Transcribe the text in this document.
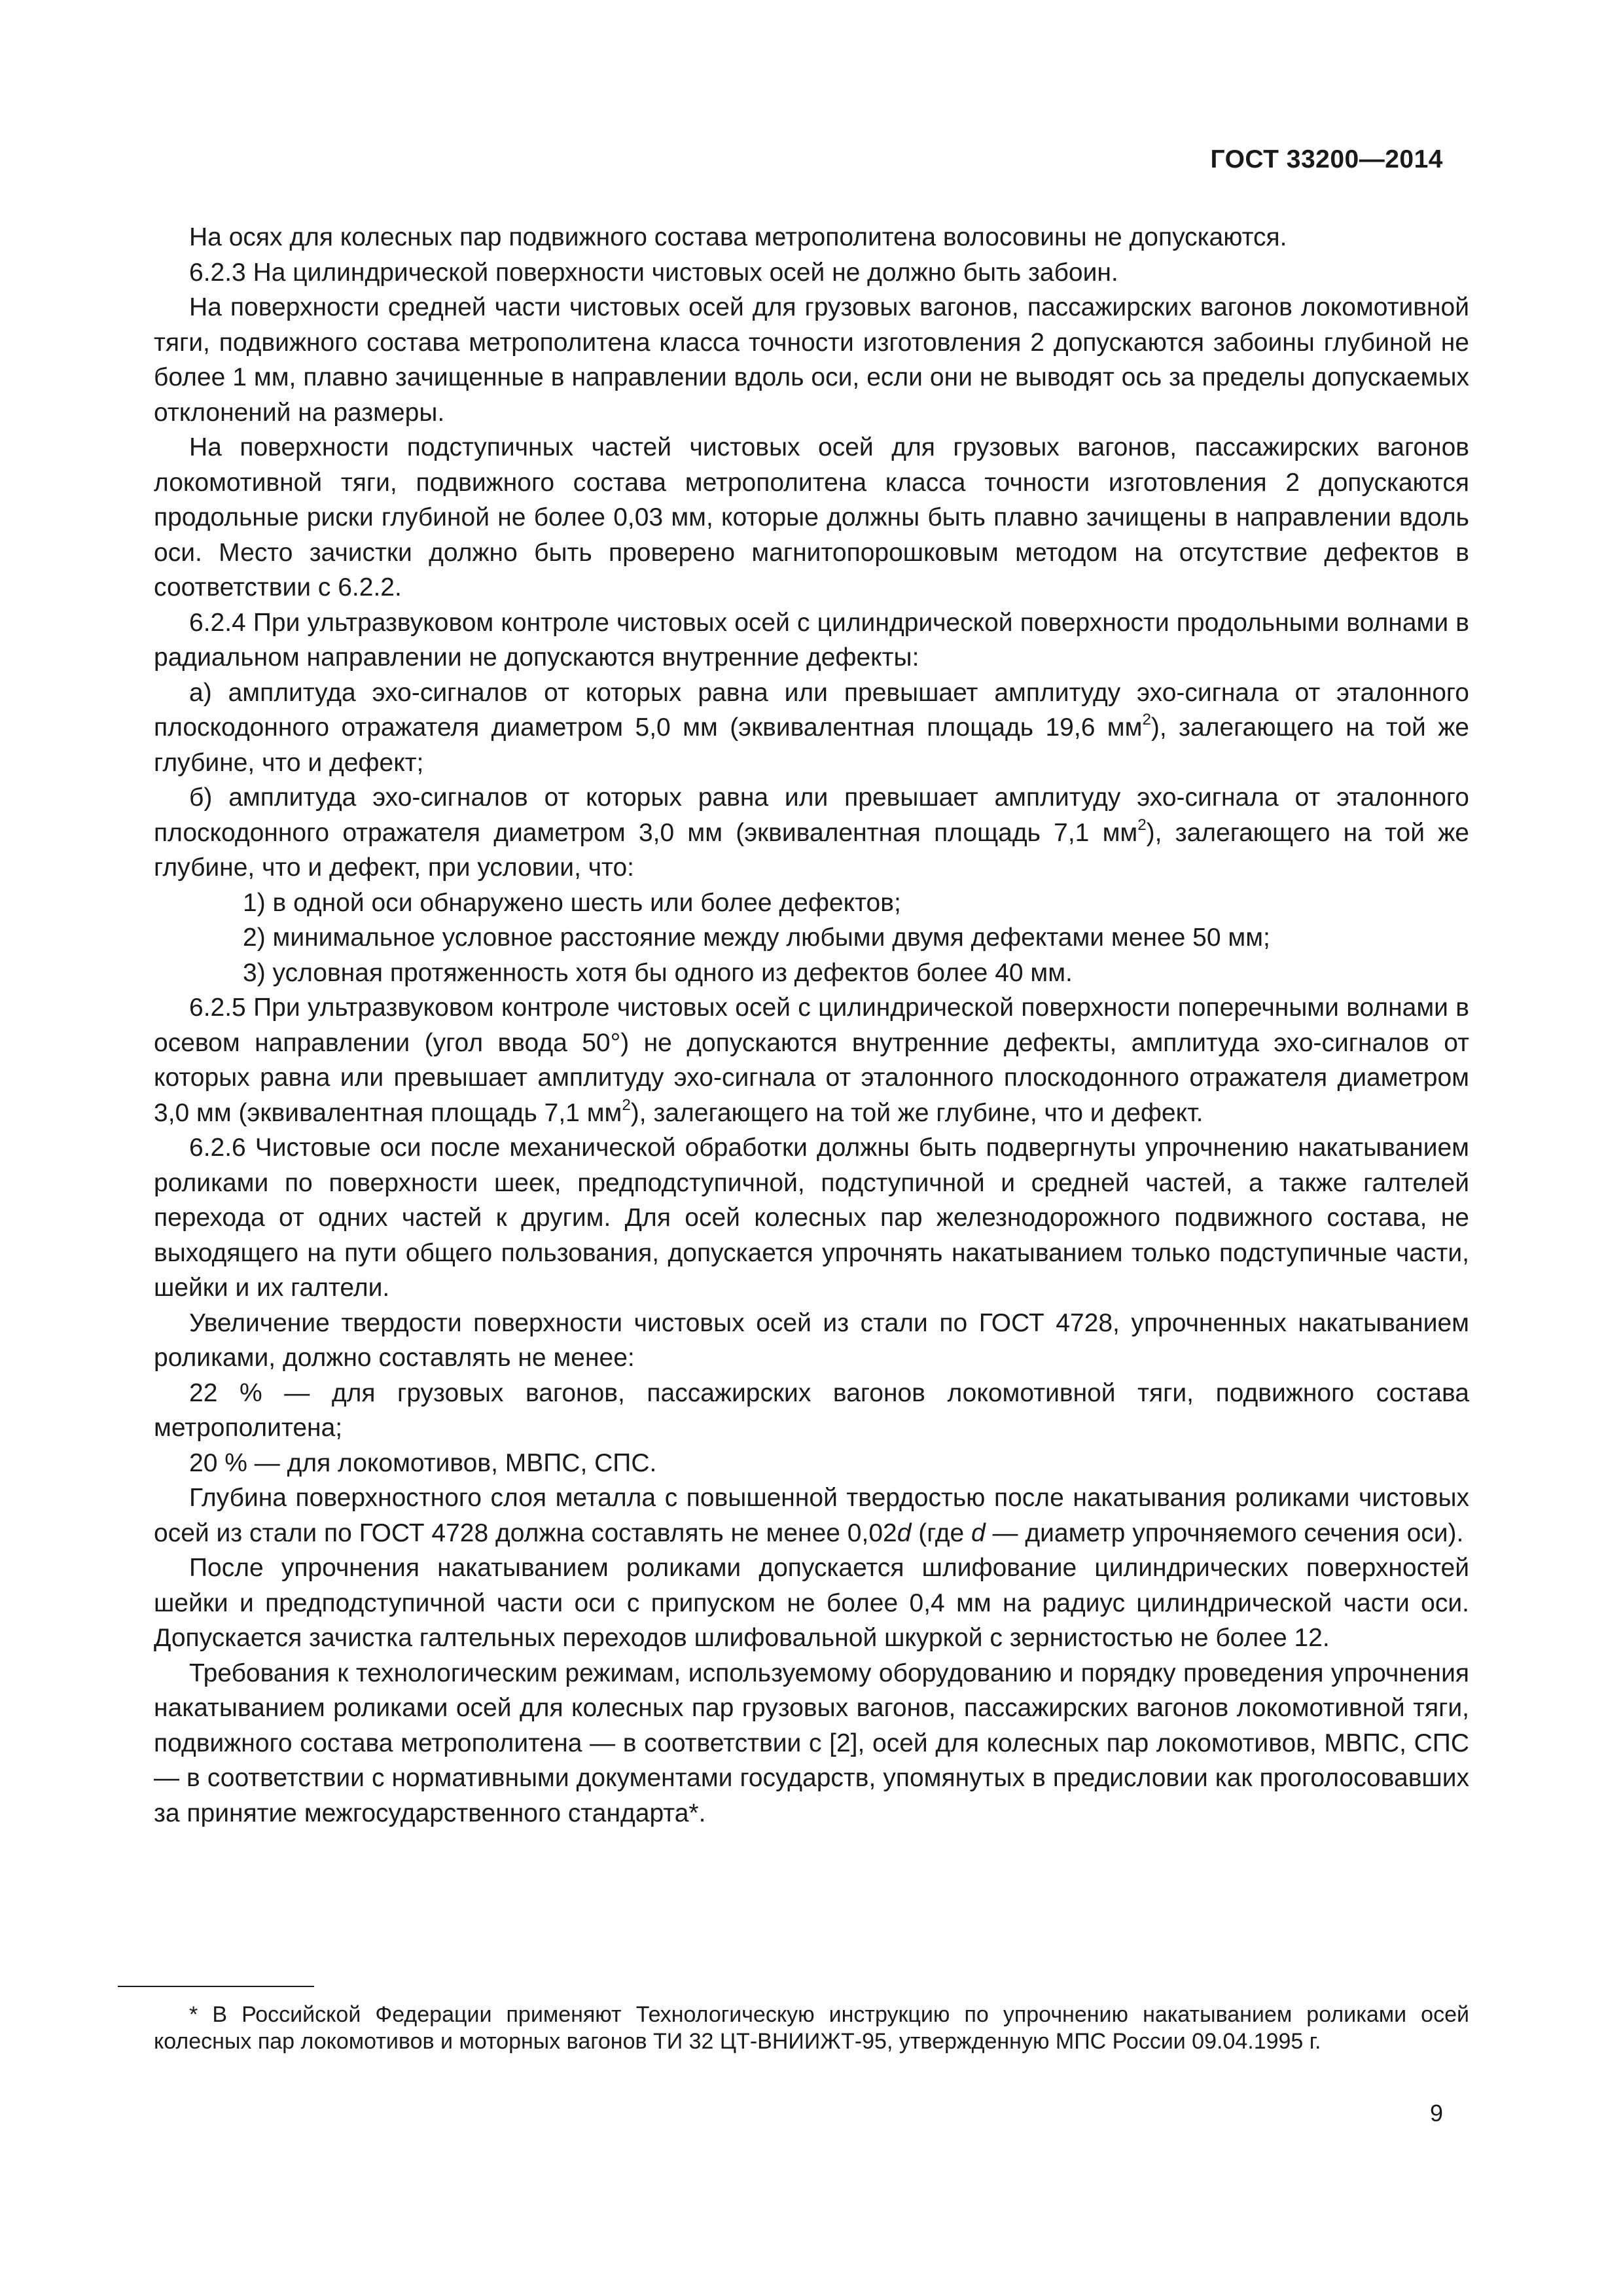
ГОСТ 33200—2014

На осях для колесных пар подвижного состава метрополитена волосовины не допускаются.

6.2.3 На цилиндрической поверхности чистовых осей не должно быть забоин.

На поверхности средней части чистовых осей для грузовых вагонов, пассажирских вагонов локомотивной тяги, подвижного состава метрополитена класса точности изготовления 2 допускаются забоины глубиной не более 1 мм, плавно зачищенные в направлении вдоль оси, если они не выводят ось за пределы допускаемых отклонений на размеры.

На поверхности подступичных частей чистовых осей для грузовых вагонов, пассажирских вагонов локомотивной тяги, подвижного состава метрополитена класса точности изготовления 2 допускаются продольные риски глубиной не более 0,03 мм, которые должны быть плавно зачищены в направлении вдоль оси. Место зачистки должно быть проверено магнитопорошковым методом на отсутствие дефектов в соответствии с 6.2.2.

6.2.4 При ультразвуковом контроле чистовых осей с цилиндрической поверхности продольными волнами в радиальном направлении не допускаются внутренние дефекты:

а) амплитуда эхо-сигналов от которых равна или превышает амплитуду эхо-сигнала от эталонного плоскодонного отражателя диаметром 5,0 мм (эквивалентная площадь 19,6 $мм^2$), залегающего на той же глубине, что и дефект;

б) амплитуда эхо-сигналов от которых равна или превышает амплитуду эхо-сигнала от эталонного плоскодонного отражателя диаметром 3,0 мм (эквивалентная площадь 7,1 $мм^2$), залегающего на той же глубине, что и дефект, при условии, что:

1) в одной оси обнаружено шесть или более дефектов;

2) минимальное условное расстояние между любыми двумя дефектами менее 50 мм;

3) условная протяженность хотя бы одного из дефектов более 40 мм.

6.2.5 При ультразвуковом контроле чистовых осей с цилиндрической поверхности поперечными волнами в осевом направлении (угол ввода 50°) не допускаются внутренние дефекты, амплитуда эхо-сигналов от которых равна или превышает амплитуду эхо-сигнала от эталонного плоскодонного отражателя диаметром 3,0 мм (эквивалентная площадь 7,1 $мм^2$), залегающего на той же глубине, что и дефект.

6.2.6 Чистовые оси после механической обработки должны быть подвергнуты упрочнению накатыванием роликами по поверхности шеек, предподступичной, подступичной и средней частей, а также галтелей перехода от одних частей к другим. Для осей колесных пар железнодорожного подвижного состава, не выходящего на пути общего пользования, допускается упрочнять накатыванием только подступичные части, шейки и их галтели.

Увеличение твердости поверхности чистовых осей из стали по ГОСТ 4728, упрочненных накатыванием роликами, должно составлять не менее:

22 % — для грузовых вагонов, пассажирских вагонов локомотивной тяги, подвижного состава метрополитена;

20 % — для локомотивов, МВПС, СПС.

Глубина поверхностного слоя металла с повышенной твердостью после накатывания роликами чистовых осей из стали по ГОСТ 4728 должна составлять не менее 0,02d (где d — диаметр упрочняемого сечения оси).

После упрочнения накатыванием роликами допускается шлифование цилиндрических поверхностей шейки и предподступичной части оси с припуском не более 0,4 мм на радиус цилиндрической части оси. Допускается зачистка галтельных переходов шлифовальной шкуркой с зернистостью не более 12.

Требования к технологическим режимам, используемому оборудованию и порядку проведения упрочнения накатыванием роликами осей для колесных пар грузовых вагонов, пассажирских вагонов локомотивной тяги, подвижного состава метрополитена — в соответствии с [2], осей для колесных пар локомотивов, МВПС, СПС — в соответствии с нормативными документами государств, упомянутых в предисловии как проголосовавших за принятие межгосударственного стандарта*.

* В Российской Федерации применяют Технологическую инструкцию по упрочнению накатыванием роликами осей колесных пар локомотивов и моторных вагонов ТИ 32 ЦТ-ВНИИЖТ-95, утвержденную МПС России 09.04.1995 г.
9
